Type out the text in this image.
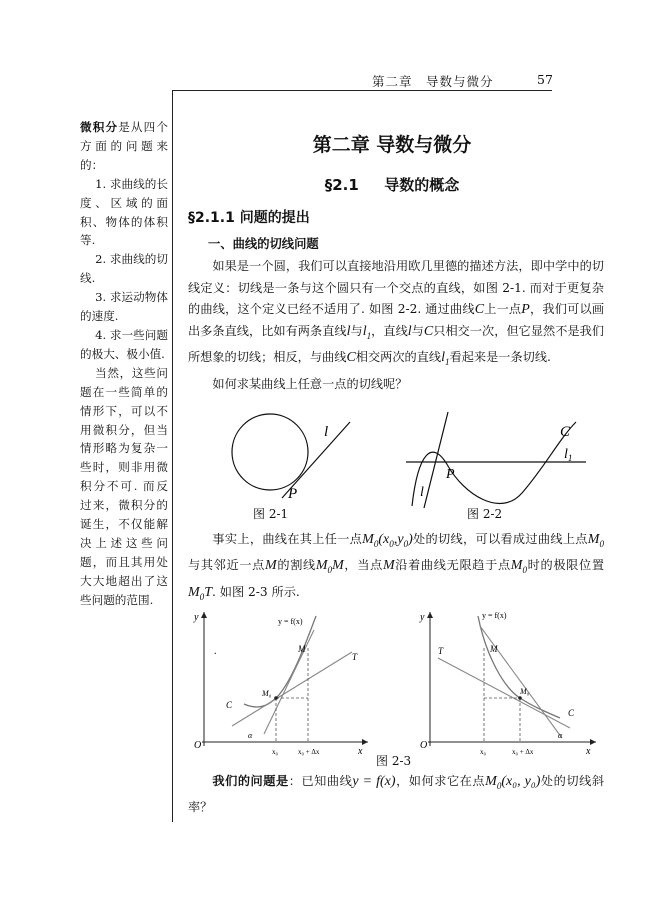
第二章　导数与微分	57

微积分是从四个方面的问题来的：

1. 求曲线的长度、区域的面积、物体的体积等.

2. 求曲线的切线.

3. 求运动物体的速度.

4. 求一些问题的极大、极小值.

当然，这些问题在一些简单的情形下，可以不用微积分，但当情形略为复杂一些时，则非用微积分不可. 而反过来，微积分的诞生，不仅能解决上述这些问题，而且其用处大大地超出了这些问题的范围.

第二章 导数与微分
§2.1　  导数的概念
§2.1.1 问题的提出
一、曲线的切线问题

如果是一个圆，我们可以直接地沿用欧几里德的描述方法，即中学中的切线定义：切线是一条与这个圆只有一个交点的直线，如图 2-1. 而对于更复杂的曲线，这个定义已经不适用了. 如图 2-2. 通过曲线C上一点P，我们可以画出多条直线，比如有两条直线l与$l_1$，直线l与C只相交一次，但它显然不是我们所想象的切线；相反，与曲线C相交两次的直线$l_1$看起来是一条切线.

如何求某曲线上任意一点的切线呢？

l
P
图 2-1
C
$l_1$
P
l
图 2-2

事实上，曲线在其上任一点$M_0(x_0,y_0)$处的切线，可以看成过曲线上点$M_0$与其邻近一点M的割线$M_0M$，当点M沿着曲线无限趋于点$M_0$时的极限位置$M_0T$. 如图 2-3 所示.

y
x
O
y = f(x)
M
T
C
M₀
x₀	x₀ + Δx
α
.
y
x
O
y = f(x)
M
T
C
M₀
x₀	x₀ + Δx
α
图 2-3

我们的问题是：已知曲线y = f(x)，如何求它在点$M_0(x_0$, y₀)处的切线斜率？
